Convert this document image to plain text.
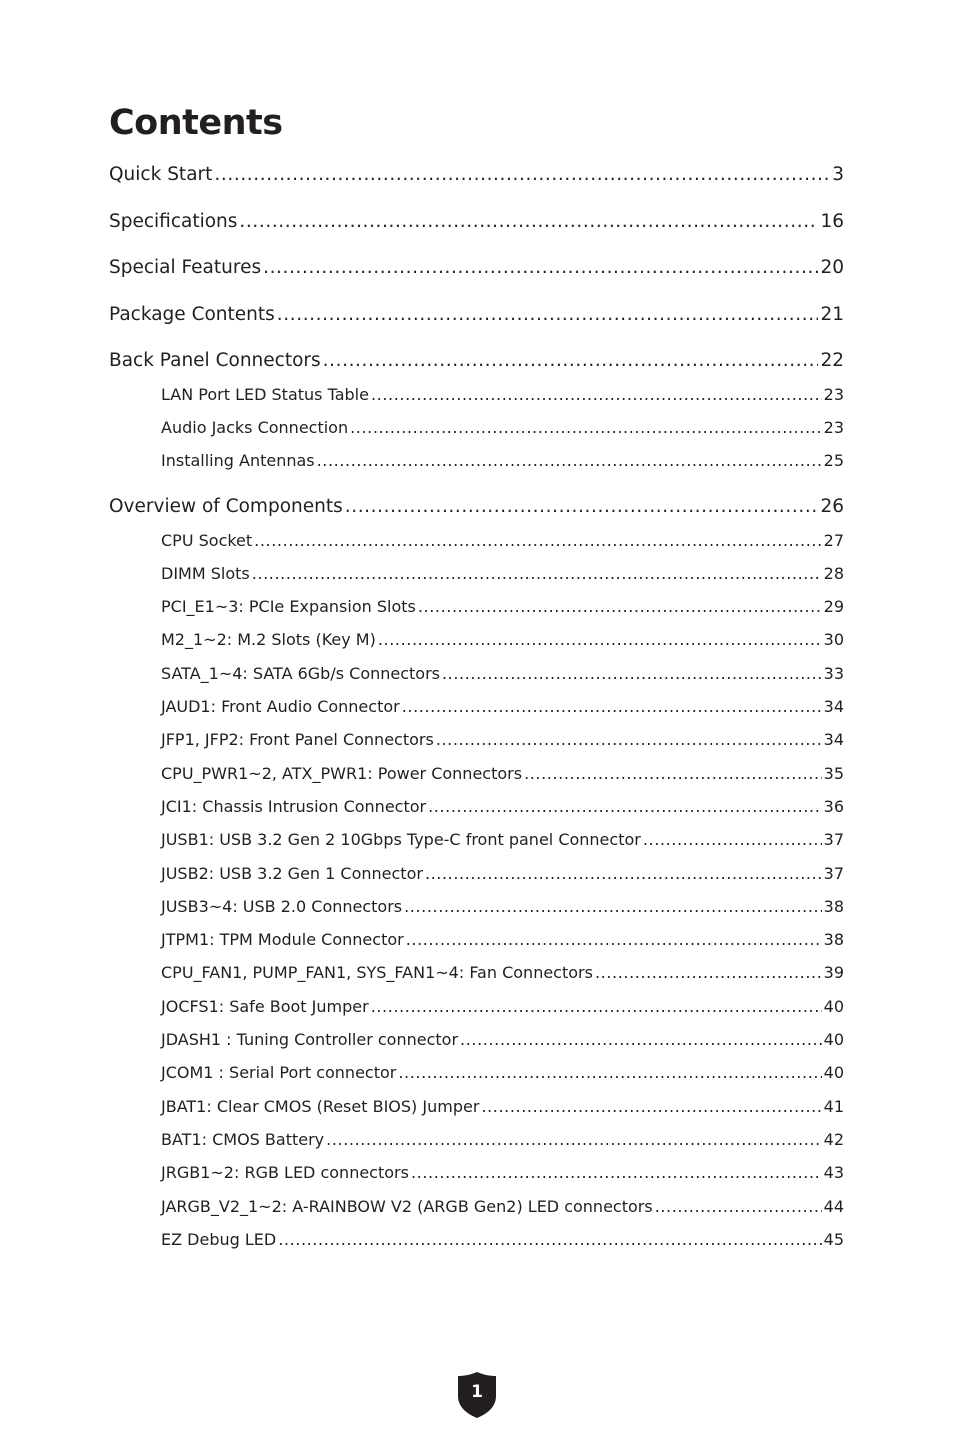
Contents
Quick Start .....	3
Specifications .....	16
Special Features .....	20
Package Contents .....	21
Back Panel Connectors .....	22
LAN Port LED Status Table .....	23
Audio Jacks Connection .....	23
Installing Antennas .....	25
Overview of Components .....	26
CPU Socket .....	27
DIMM Slots .....	28
PCI_E1~3: PCIe Expansion Slots .....	29
M2_1~2: M.2 Slots (Key M) .....	30
SATA_1~4: SATA 6Gb/s Connectors .....	33
JAUD1: Front Audio Connector .....	34
JFP1, JFP2: Front Panel Connectors .....	34
CPU_PWR1~2, ATX_PWR1: Power Connectors .....	35
JCI1: Chassis Intrusion Connector .....	36
JUSB1: USB 3.2 Gen 2 10Gbps Type-C front panel Connector .....	37
JUSB2: USB 3.2 Gen 1 Connector .....	37
JUSB3~4: USB 2.0 Connectors .....	38
JTPM1: TPM Module Connector .....	38
CPU_FAN1, PUMP_FAN1, SYS_FAN1~4: Fan Connectors .....	39
JOCFS1: Safe Boot Jumper .....	40
JDASH1 : Tuning Controller connector .....	40
JCOM1 : Serial Port connector .....	40
JBAT1: Clear CMOS (Reset BIOS) Jumper .....	41
BAT1: CMOS Battery .....	42
JRGB1~2: RGB LED connectors .....	43
JARGB_V2_1~2: A-RAINBOW V2 (ARGB Gen2) LED connectors .....	44
EZ Debug LED .....	45
1
